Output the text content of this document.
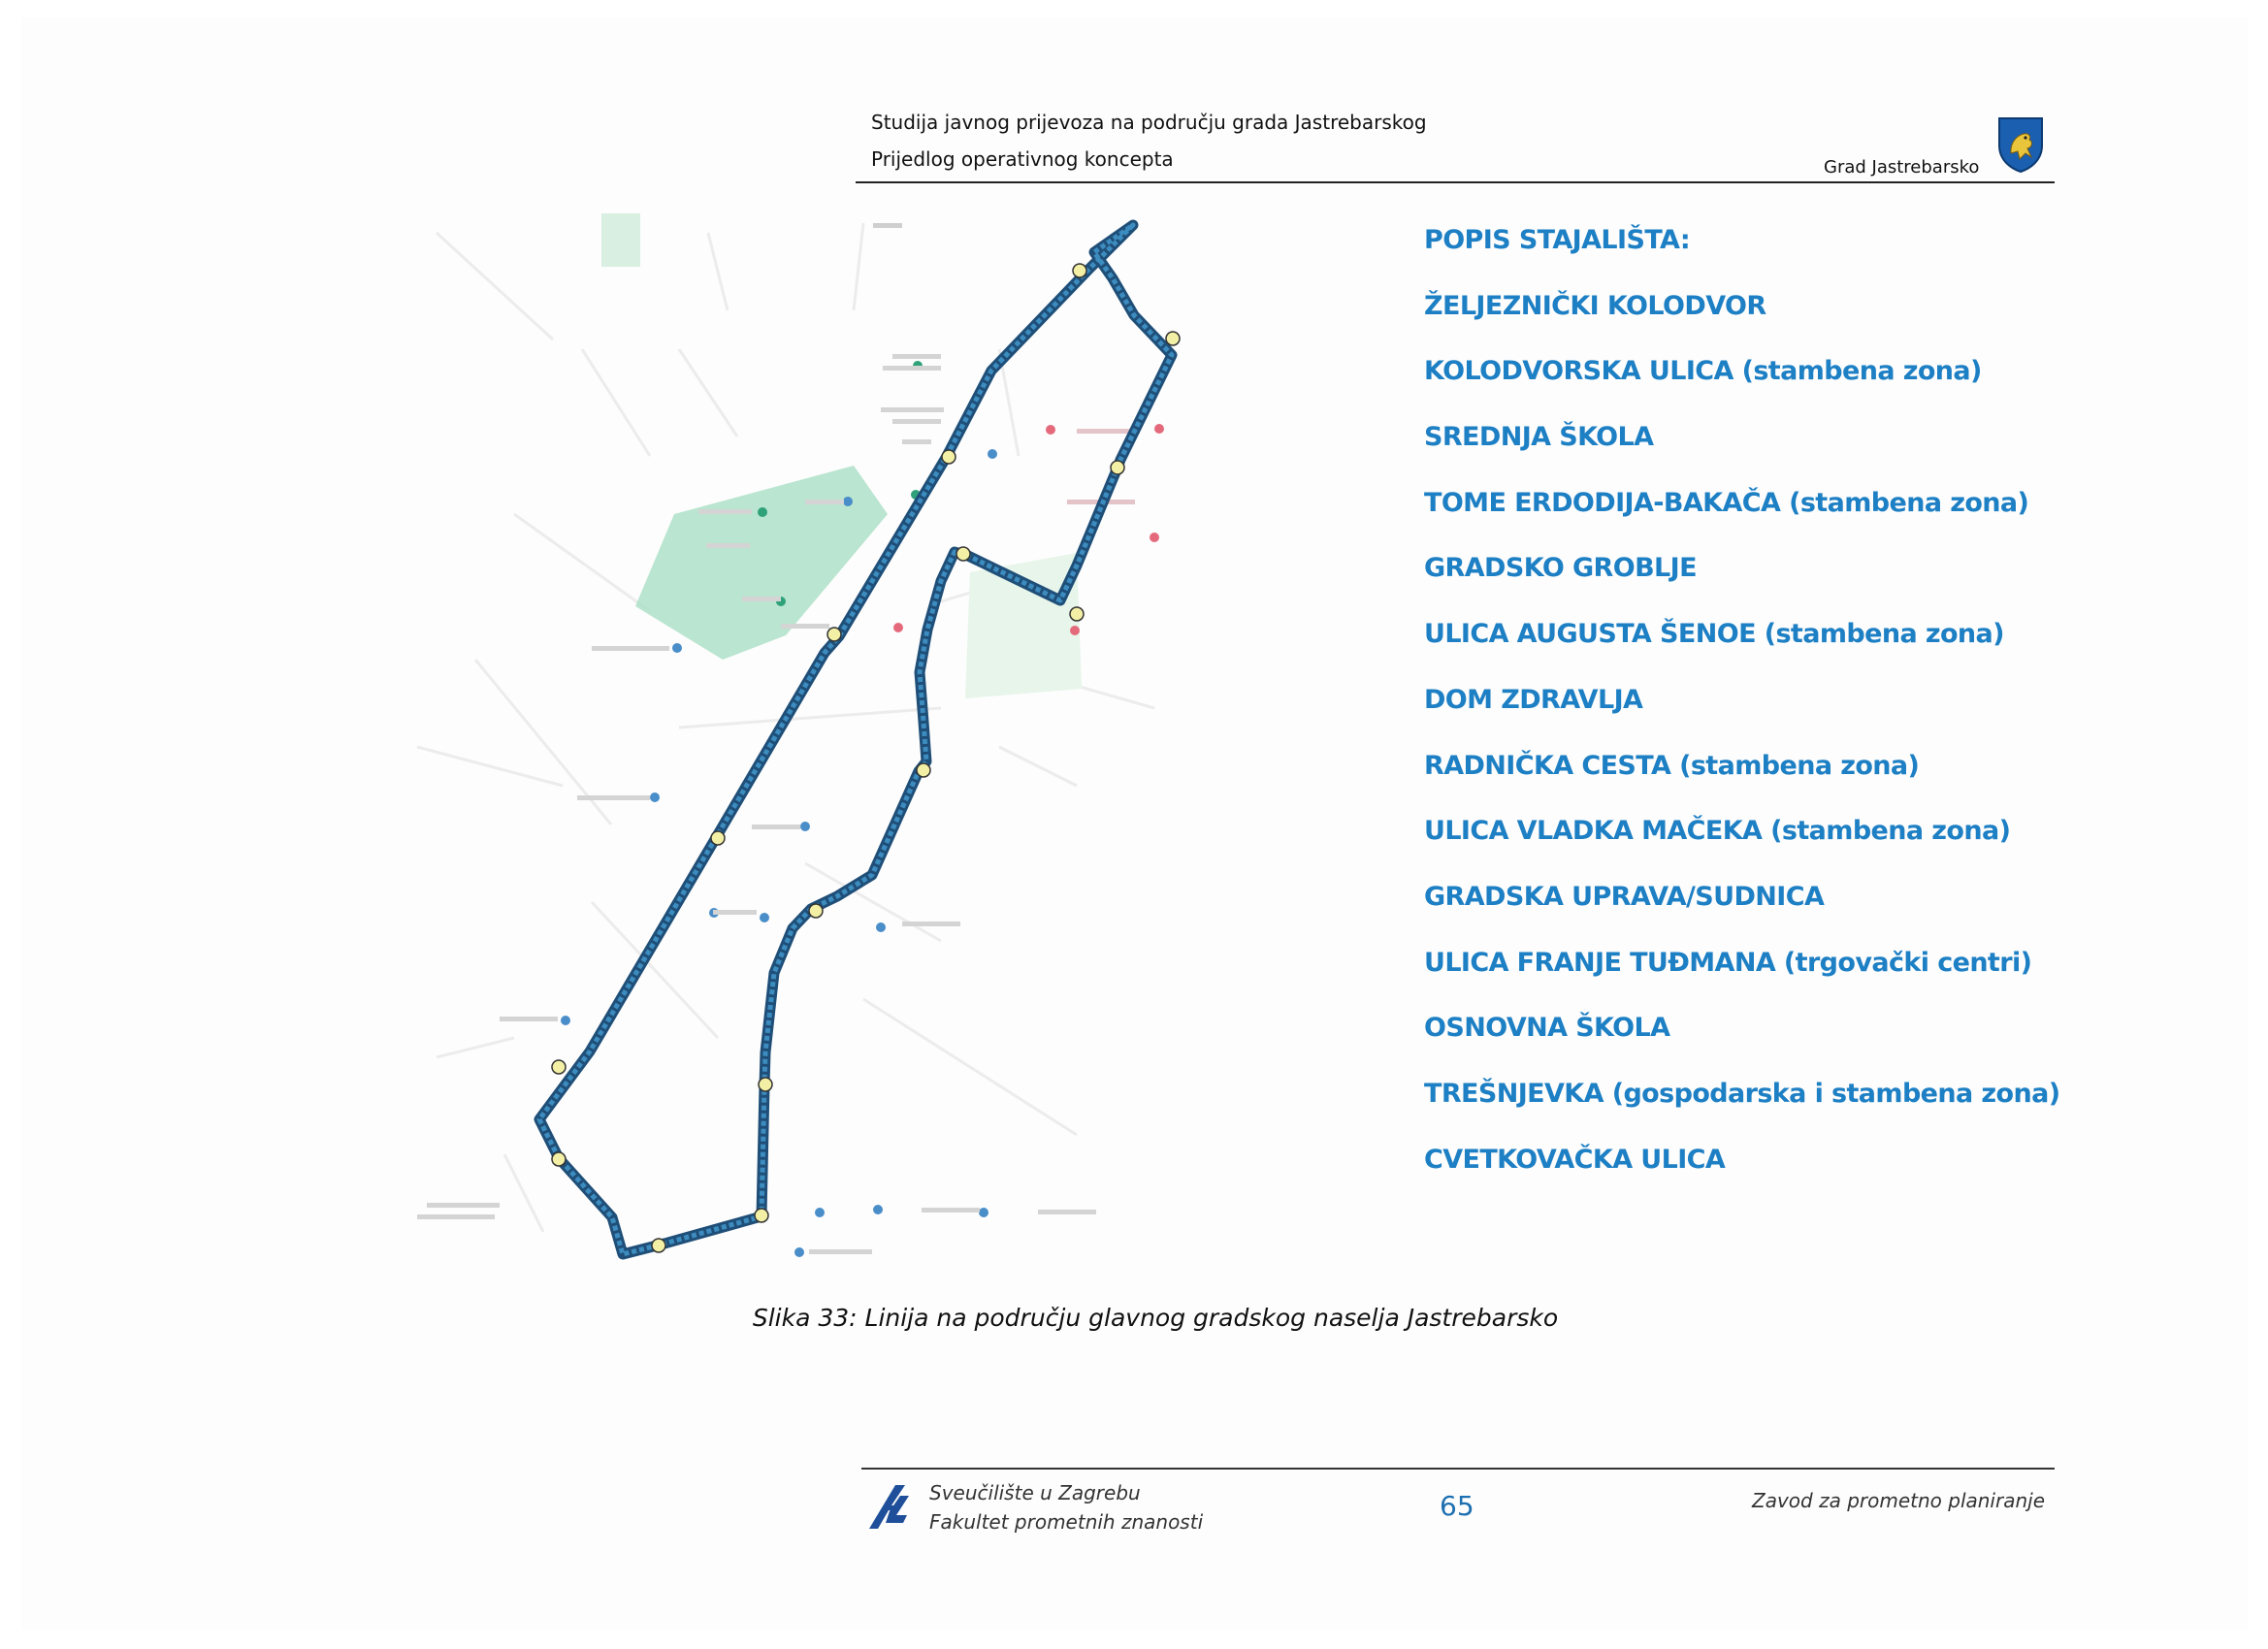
Studija javnog prijevoza na području grada Jastrebarskog
Prijedlog operativnog koncepta	Grad Jastrebarsko
POPIS STAJALIŠTA:
ŽELJEZNIČKI KOLODVOR
KOLODVORSKA ULICA (stambena zona)
SREDNJA ŠKOLA
TOME ERDODIJA-BAKAČA (stambena zona)
GRADSKO GROBLJE
ULICA AUGUSTA ŠENOE (stambena zona)
DOM ZDRAVLJA
RADNIČKA CESTA (stambena zona)
ULICA VLADKA MAČEKA (stambena zona)
GRADSKA UPRAVA/SUDNICA
ULICA FRANJE TUĐMANA (trgovački centri)
OSNOVNA ŠKOLA
TREŠNJEVKA (gospodarska i stambena zona)
CVETKOVAČKA ULICA
Slika 33: Linija na području glavnog gradskog naselja Jastrebarsko
Sveučilište u Zagrebu
Fakultet prometnih znanosti	65	Zavod za prometno planiranje
